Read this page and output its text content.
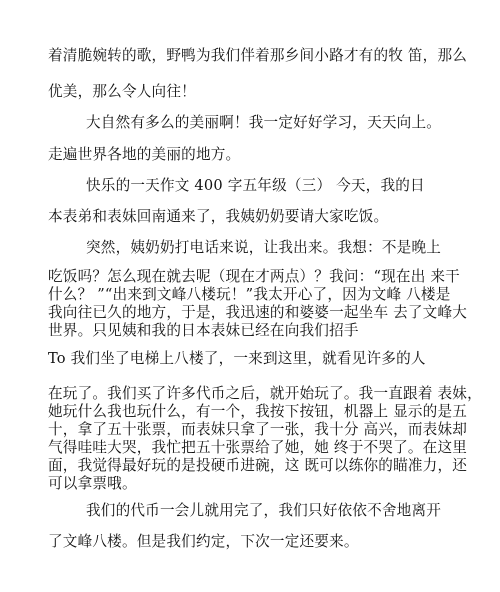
着清脆婉转的歌，野鸭为我们伴着那乡间小路才有的牧 笛，那么

优美，那么令人向往！

大自然有多么的美丽啊！我一定好好学习，天天向上。

走遍世界各地的美丽的地方。

快乐的一天作文 400 字五年级（三） 今天，我的日

本表弟和表妹回南通来了，我姨奶奶要请大家吃饭。

突然，姨奶奶打电话来说，让我出来。我想：不是晚上

吃饭吗？怎么现在就去呢（现在才两点）？我问：“现在出 来干
什么？ ”“出来到文峰八楼玩！”我太开心了，因为文峰 八楼是
我向往已久的地方，于是，我迅速的和婆婆一起坐车 去了文峰大
世界。只见姨和我的日本表妹已经在向我们招手

To 我们坐了电梯上八楼了，一来到这里，就看见许多的人

在玩了。我们买了许多代币之后，就开始玩了。我一直跟着 表妹，
她玩什么我也玩什么，有一个，我按下按钮，机器上 显示的是五
十，拿了五十张票，而表妹只拿了一张，我十分 高兴，而表妹却
气得哇哇大哭，我忙把五十张票给了她，她 终于不哭了。在这里
面，我觉得最好玩的是投硬币进碗，这 既可以练你的瞄准力，还
可以拿票哦。

我们的代币一会儿就用完了，我们只好依依不舍地离开

了文峰八楼。但是我们约定，下次一定还要来。
